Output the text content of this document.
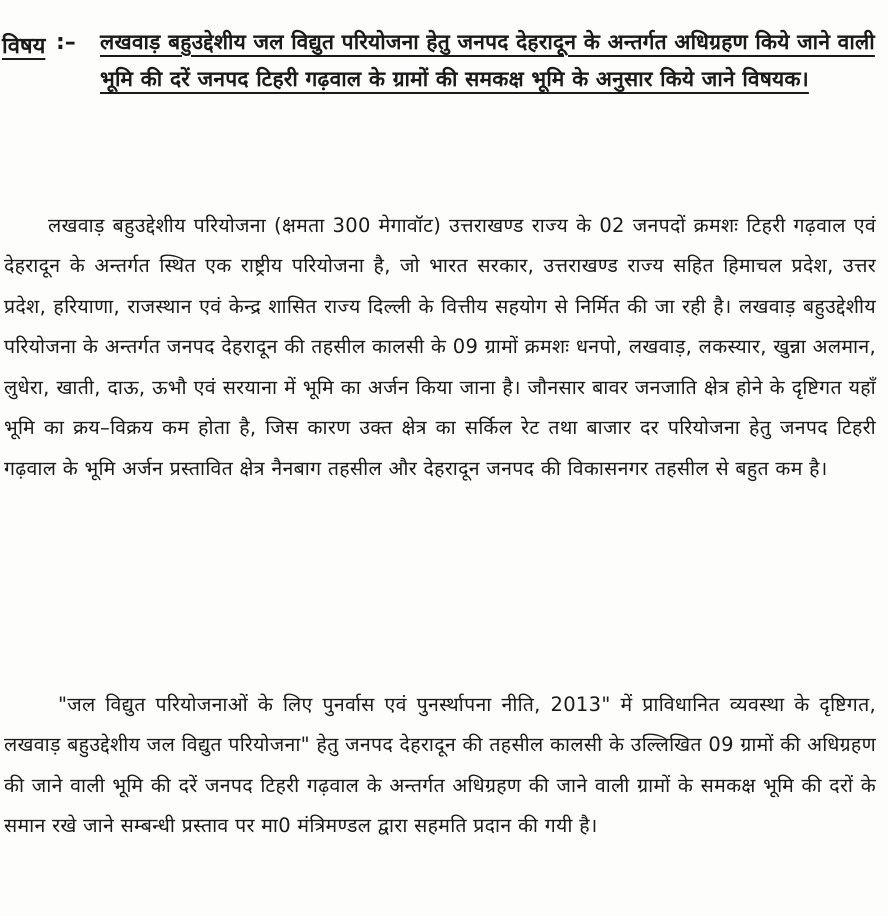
विषय :– लखवाड़ बहुउद्देशीय जल विद्युत परियोजना हेतु जनपद देहरादून के अन्तर्गत अधिग्रहण किये जाने वाली भूमि की दरें जनपद टिहरी गढ़वाल के ग्रामों की समकक्ष भूमि के अनुसार किये जाने विषयक।

लखवाड़ बहुउद्देशीय परियोजना (क्षमता 300 मेगावॉट) उत्तराखण्ड राज्य के 02 जनपदों क्रमशः टिहरी गढ़वाल एवं देहरादून के अन्तर्गत स्थित एक राष्ट्रीय परियोजना है, जो भारत सरकार, उत्तराखण्ड राज्य सहित हिमाचल प्रदेश, उत्तर प्रदेश, हरियाणा, राजस्थान एवं केन्द्र शासित राज्य दिल्ली के वित्तीय सहयोग से निर्मित की जा रही है। लखवाड़ बहुउद्देशीय परियोजना के अन्तर्गत जनपद देहरादून की तहसील कालसी के 09 ग्रामों क्रमशः धनपो, लखवाड़, लकस्यार, खुन्ना अलमान, लुधेरा, खाती, दाऊ, ऊभौ एवं सरयाना में भूमि का अर्जन किया जाना है। जौनसार बावर जनजाति क्षेत्र होने के दृष्टिगत यहाँ भूमि का क्रय–विक्रय कम होता है, जिस कारण उक्त क्षेत्र का सर्किल रेट तथा बाजार दर परियोजना हेतु जनपद टिहरी गढ़वाल के भूमि अर्जन प्रस्तावित क्षेत्र नैनबाग तहसील और देहरादून जनपद की विकासनगर तहसील से बहुत कम है।

"जल विद्युत परियोजनाओं के लिए पुनर्वास एवं पुनर्स्थापना नीति, 2013" में प्राविधानित व्यवस्था के दृष्टिगत, लखवाड़ बहुउद्देशीय जल विद्युत परियोजना" हेतु जनपद देहरादून की तहसील कालसी के उल्लिखित 09 ग्रामों की अधिग्रहण की जाने वाली भूमि की दरें जनपद टिहरी गढ़वाल के अन्तर्गत अधिग्रहण की जाने वाली ग्रामों के समकक्ष भूमि की दरों के समान रखे जाने सम्बन्धी प्रस्ताव पर मा0 मंत्रिमण्डल द्वारा सहमति प्रदान की गयी है।
